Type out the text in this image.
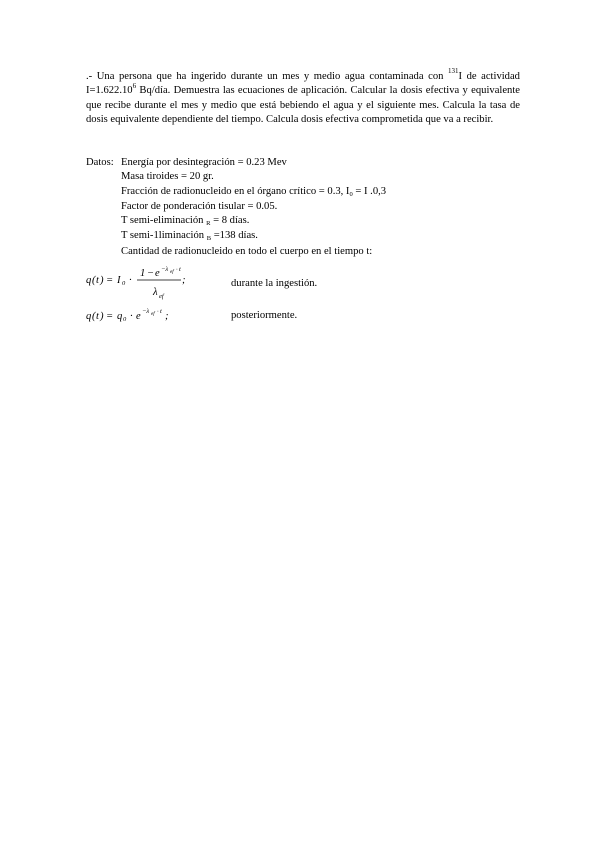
.- Una persona que ha ingerido durante un mes y medio agua contaminada con $^{131}$I de actividad $I=1.622.10^6$ Bq/día. Demuestra las ecuaciones de aplicación. Calcular la dosis efectiva y equivalente que recibe durante el mes y medio que está bebiendo el agua y el siguiente mes. Calcula la tasa de dosis equivalente dependiente del tiempo. Calcula dosis efectiva comprometida que va a recibir.
Datos: Energía por desintegración = 0.23 Mev
Masa tiroides = 20 gr.
Fracción de radionucleido en el órgano crítico = 0.3, I0 = I .0,3
Factor de ponderación tisular = 0.05.
T semi-eliminación R = 8 días.
T semi-1liminación B =138 días.
Cantidad de radionucleido en todo el cuerpo en el tiempo t:
q ( t ) = I 0 ·
1 − e −λ ef · t
λ ef
;	durante la ingestión.
q ( t ) = q 0 · e −λ ef · t ;	posteriormente.
